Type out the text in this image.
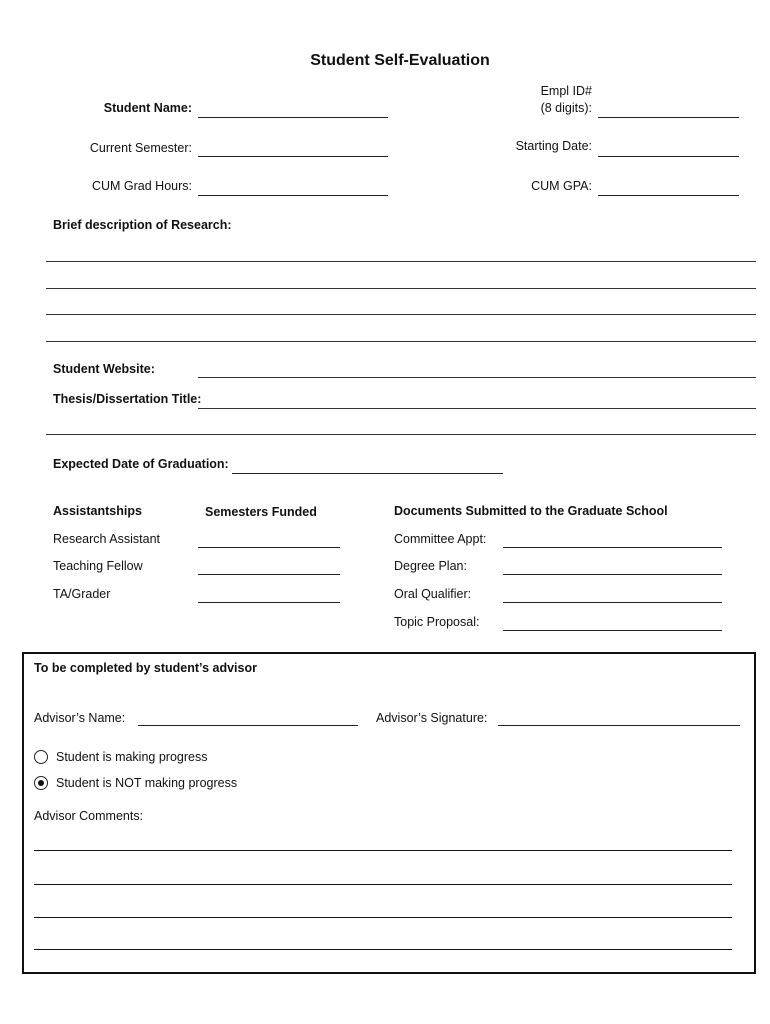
Student Self-Evaluation
Student Name:
Current Semester:
CUM Grad Hours:
Empl ID#
(8 digits):
Starting Date:
CUM GPA:
Brief description of Research:
Student Website:
Thesis/Dissertation Title:
Expected Date of Graduation:
Assistantships	Semesters Funded
Research Assistant
Teaching Fellow
TA/Grader
Documents Submitted to the Graduate School
Committee Appt:
Degree Plan:
Oral Qualifier:
Topic Proposal:
To be completed by student’s advisor
Advisor’s Name:	Advisor’s Signature:
Student is making progress
Student is NOT making progress
Advisor Comments:
